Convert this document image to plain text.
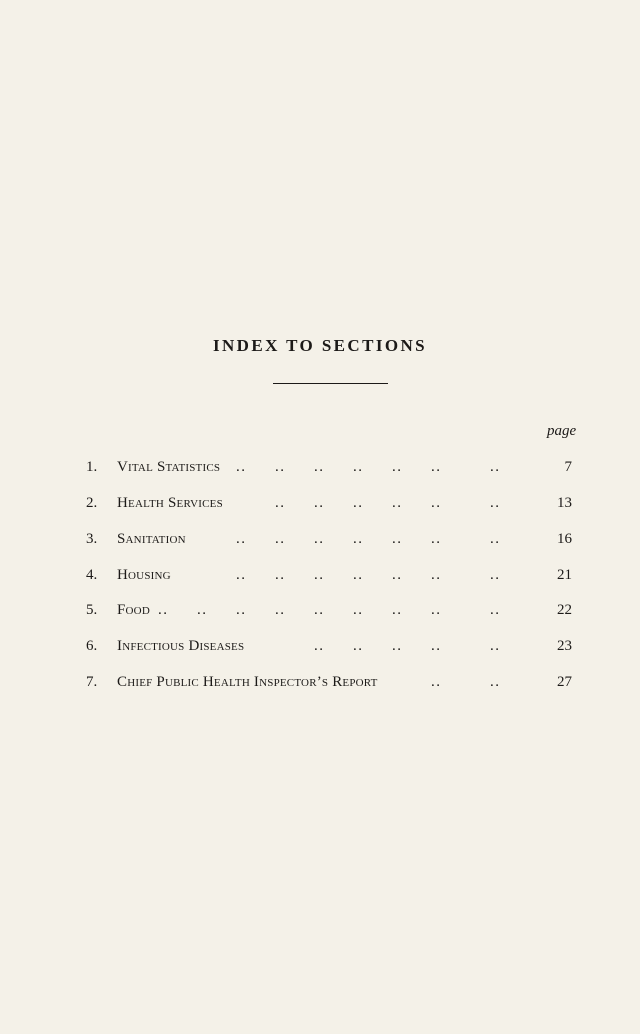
INDEX TO SECTIONS
page
1. Vital Statistics .. .. .. .. .. ..	..	7
2. Health Services	.. .. .. .. ..	..	13
3. Sanitation	.. .. .. .. .. ..	..	16
4. Housing	.. .. .. .. .. ..	..	21
5. Food .. .. .. .. .. .. .. ..	..	22
6. Infectious Diseases	.. .. .. ..	..	23
7. Chief Public Health Inspector’s Report	..	..	27
